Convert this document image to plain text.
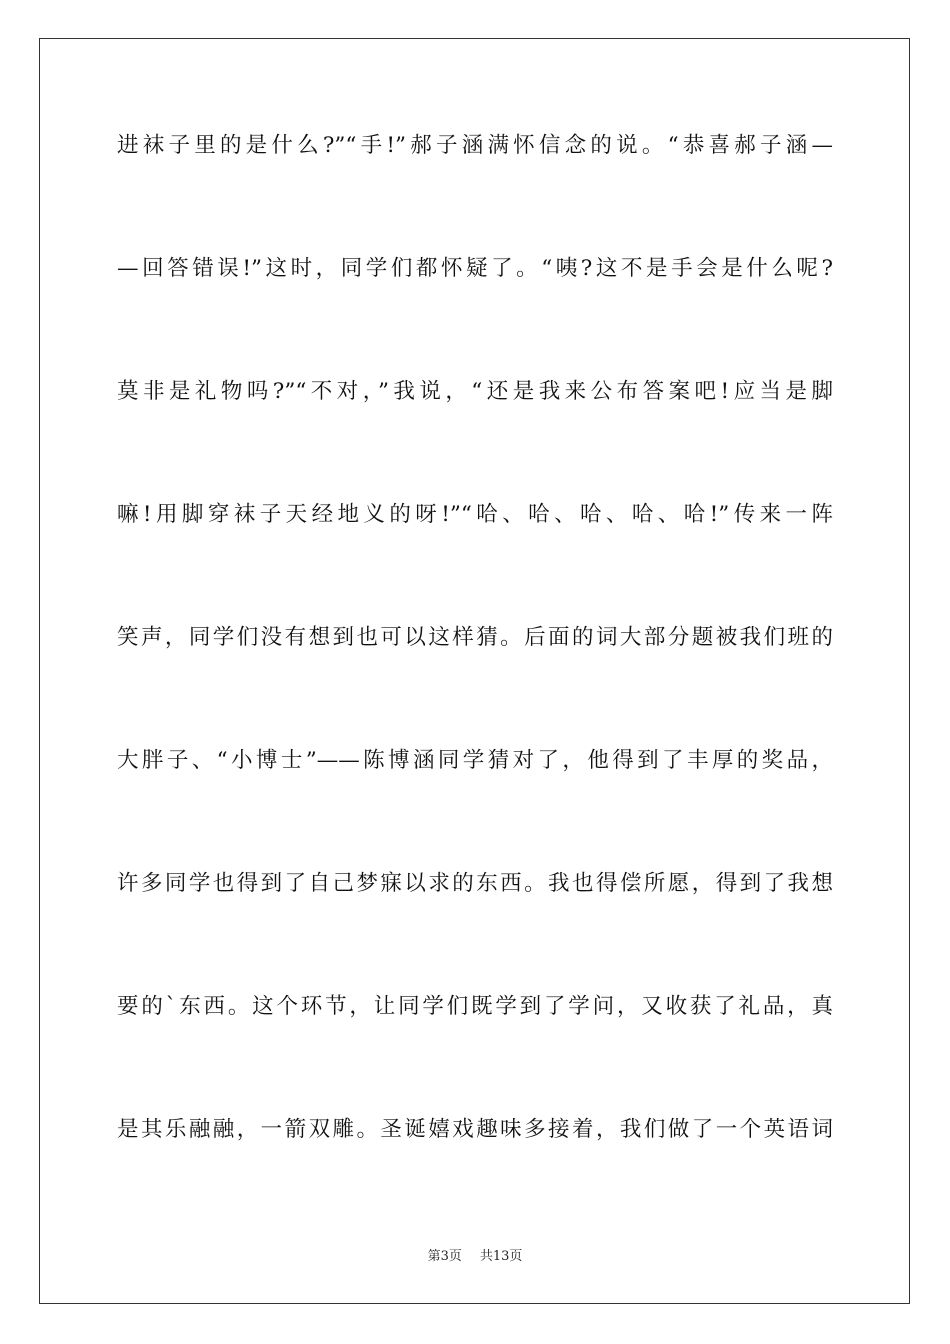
进袜子里的是什么?”“手!”郝子涵满怀信念的说。“恭喜郝子涵—
—回答错误!”这时，同学们都怀疑了。“咦?这不是手会是什么呢?
莫非是礼物吗?”“不对，”我说，“还是我来公布答案吧!应当是脚
嘛!用脚穿袜子天经地义的呀!”“哈、哈、哈、哈、哈!”传来一阵
笑声，同学们没有想到也可以这样猜。后面的词大部分题被我们班的
大胖子、“小博士”——陈博涵同学猜对了，他得到了丰厚的奖品，
许多同学也得到了自己梦寐以求的东西。我也得偿所愿，得到了我想
要的`东西。这个环节，让同学们既学到了学问，又收获了礼品，真
是其乐融融，一箭双雕。圣诞嬉戏趣味多接着，我们做了一个英语词
第3页 共13页
